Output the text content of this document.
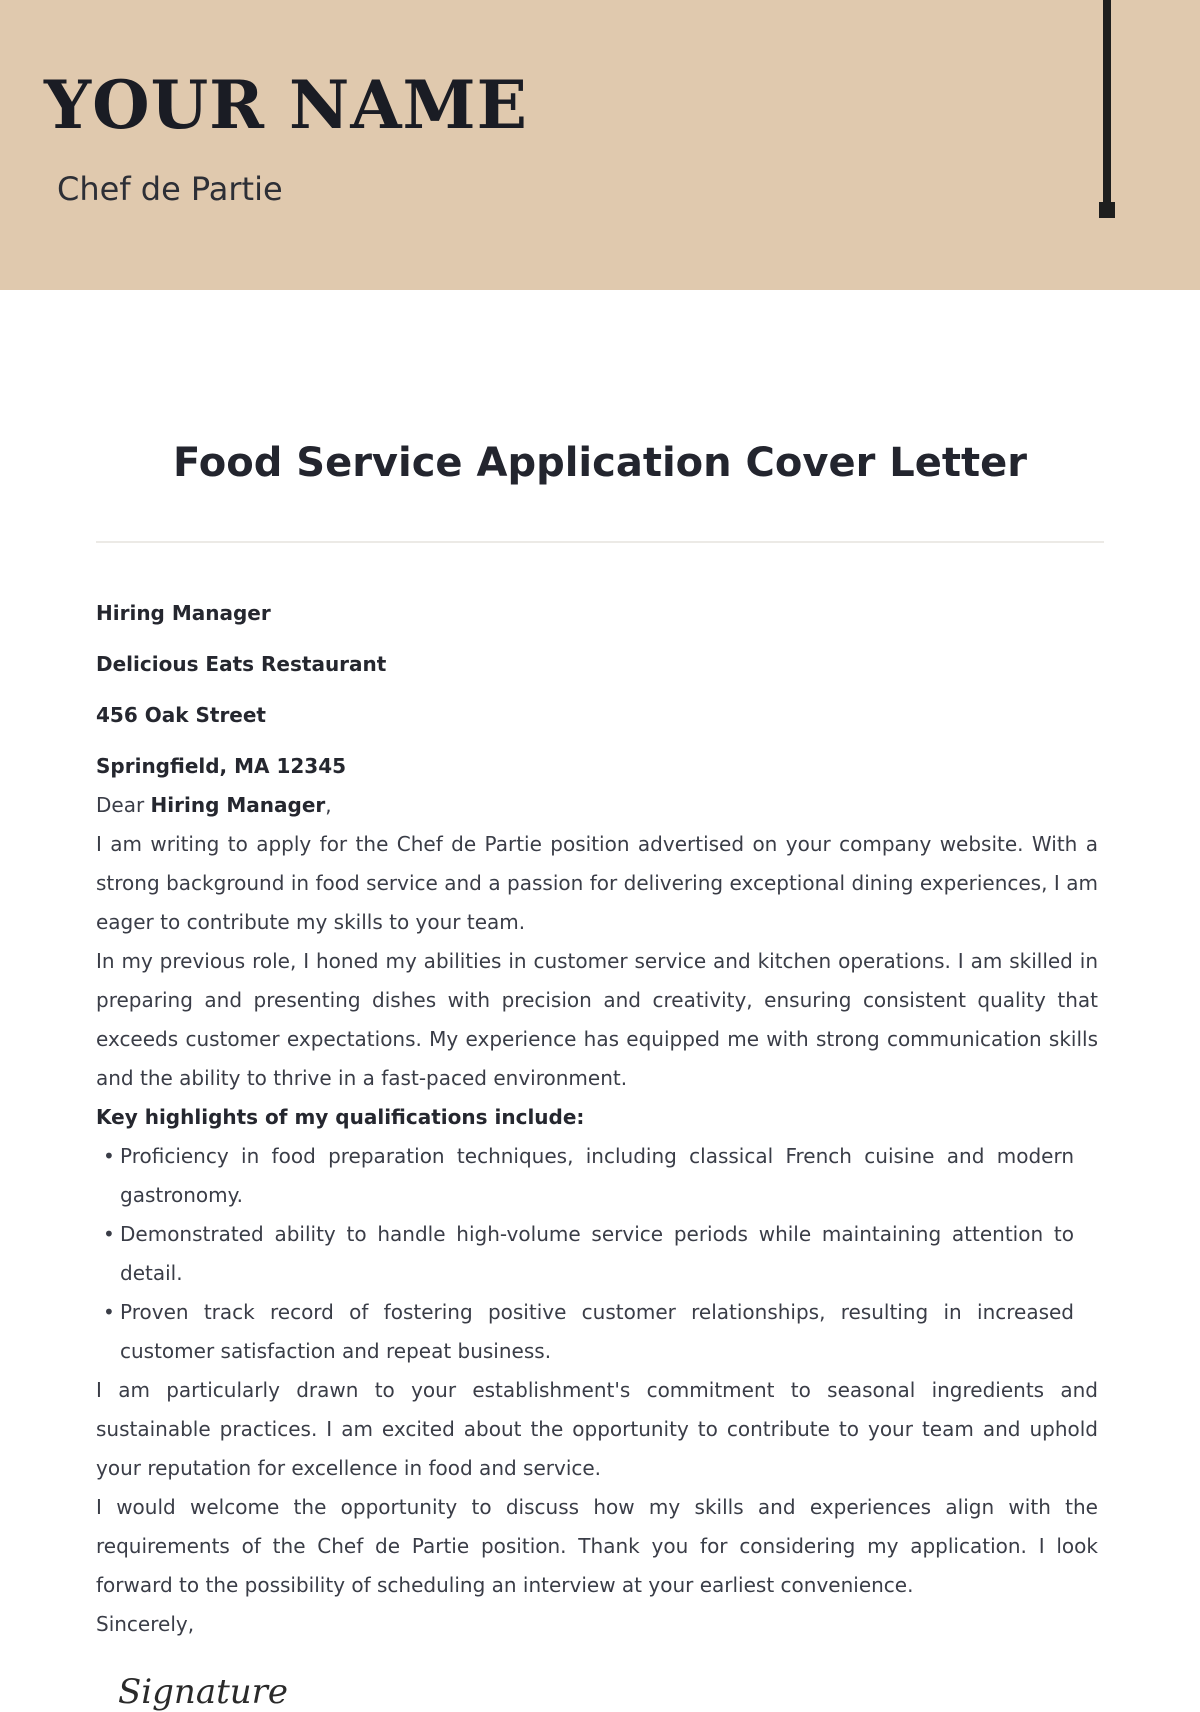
YOUR NAME
Chef de Partie
Food Service Application Cover Letter

Hiring Manager

Delicious Eats Restaurant

456 Oak Street

Springfield, MA 12345

Dear Hiring Manager,

I am writing to apply for the Chef de Partie position advertised on your company website. With a strong background in food service and a passion for delivering exceptional dining experiences, I am eager to contribute my skills to your team.

In my previous role, I honed my abilities in customer service and kitchen operations. I am skilled in preparing and presenting dishes with precision and creativity, ensuring consistent quality that exceeds customer expectations. My experience has equipped me with strong communication skills and the ability to thrive in a fast-paced environment.

Key highlights of my qualifications include:

• Proficiency in food preparation techniques, including classical French cuisine and modern gastronomy.
• Demonstrated ability to handle high-volume service periods while maintaining attention to detail.
• Proven track record of fostering positive customer relationships, resulting in increased customer satisfaction and repeat business.

I am particularly drawn to your establishment's commitment to seasonal ingredients and sustainable practices. I am excited about the opportunity to contribute to your team and uphold your reputation for excellence in food and service.

I would welcome the opportunity to discuss how my skills and experiences align with the requirements of the Chef de Partie position. Thank you for considering my application. I look forward to the possibility of scheduling an interview at your earliest convenience.

Sincerely,

Signature
